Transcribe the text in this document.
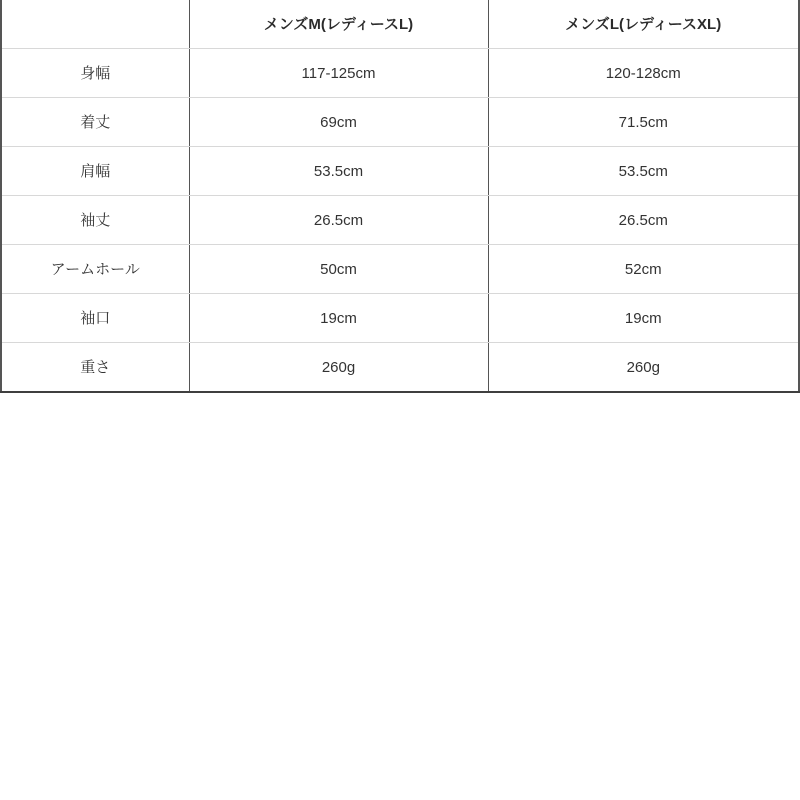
	メンズM(レディースL)	メンズL(レディースXL)
身幅	117-125cm	120-128cm
着丈	69cm	71.5cm
肩幅	53.5cm	53.5cm
袖丈	26.5cm	26.5cm
アームホール	50cm	52cm
袖口	19cm	19cm
重さ	260g	260g
